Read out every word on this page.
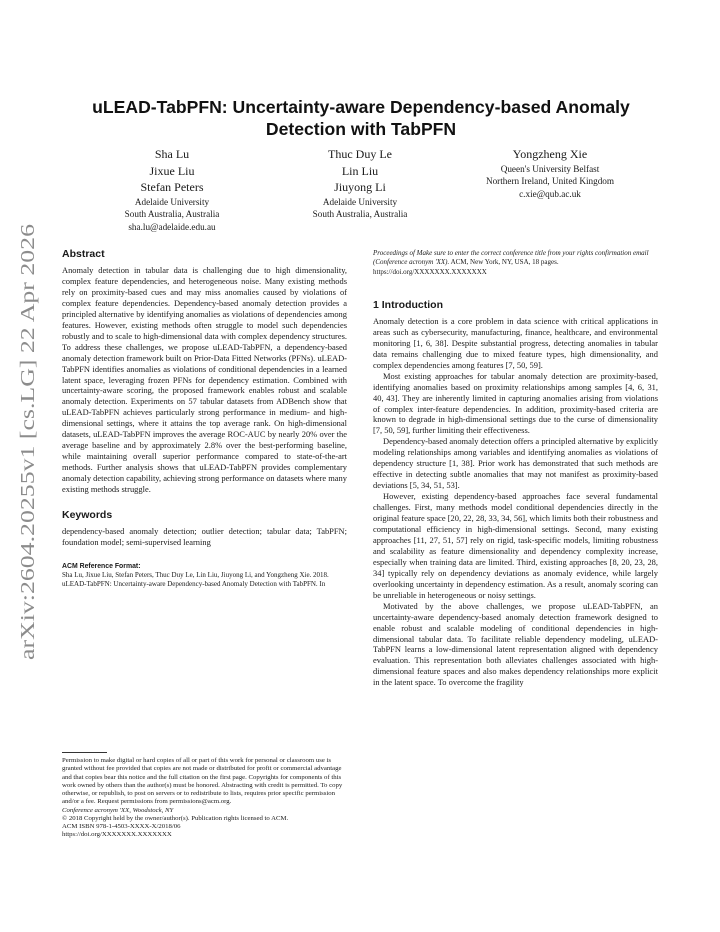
arXiv:2604.20255v1 [cs.LG] 22 Apr 2026
uLEAD-TabPFN: Uncertainty-aware Dependency-based Anomaly
Detection with TabPFN
Sha Lu
Jixue Liu
Stefan Peters
Adelaide University
South Australia, Australia
sha.lu@adelaide.edu.au
Thuc Duy Le
Lin Liu
Jiuyong Li
Adelaide University
South Australia, Australia
Yongzheng Xie
Queen's University Belfast
Northern Ireland, United Kingdom
c.xie@qub.ac.uk
Abstract

Anomaly detection in tabular data is challenging due to high dimensionality, complex feature dependencies, and heterogeneous noise. Many existing methods rely on proximity-based cues and may miss anomalies caused by violations of complex feature dependencies. Dependency-based anomaly detection provides a principled alternative by identifying anomalies as violations of dependencies among features. However, existing methods often struggle to model such dependencies robustly and to scale to high-dimensional data with complex dependency structures. To address these challenges, we propose uLEAD-TabPFN, a dependency-based anomaly detection framework built on Prior-Data Fitted Networks (PFNs). uLEAD-TabPFN identifies anomalies as violations of conditional dependencies in a learned latent space, leveraging frozen PFNs for dependency estimation. Combined with uncertainty-aware scoring, the proposed framework enables robust and scalable anomaly detection. Experiments on 57 tabular datasets from ADBench show that uLEAD-TabPFN achieves particularly strong performance in medium- and high-dimensional settings, where it attains the top average rank. On high-dimensional datasets, uLEAD-TabPFN improves the average ROC-AUC by nearly 20% over the average baseline and by approximately 2.8% over the best-performing baseline, while maintaining overall superior performance compared to state-of-the-art methods. Further analysis shows that uLEAD-TabPFN provides complementary anomaly detection capability, achieving strong performance on datasets where many existing methods struggle.

Keywords

dependency-based anomaly detection; outlier detection; tabular data; TabPFN; foundation model; semi-supervised learning

ACM Reference Format:

Sha Lu, Jixue Liu, Stefan Peters, Thuc Duy Le, Lin Liu, Jiuyong Li, and Yongzheng Xie. 2018. uLEAD-TabPFN: Uncertainty-aware Dependency-based Anomaly Detection with TabPFN. In

Permission to make digital or hard copies of all or part of this work for personal or classroom use is granted without fee provided that copies are not made or distributed for profit or commercial advantage and that copies bear this notice and the full citation on the first page. Copyrights for components of this work owned by others than the author(s) must be honored. Abstracting with credit is permitted. To copy otherwise, or republish, to post on servers or to redistribute to lists, requires prior specific permission and/or a fee. Request permissions from permissions@acm.org.

Conference acronym 'XX, Woodstock, NY

© 2018 Copyright held by the owner/author(s). Publication rights licensed to ACM.

ACM ISBN 978-1-4503-XXXX-X/2018/06

https://doi.org/XXXXXXX.XXXXXXX

Proceedings of Make sure to enter the correct conference title from your rights confirmation email (Conference acronym 'XX). ACM, New York, NY, USA, 18 pages. https://doi.org/XXXXXXX.XXXXXXX

1 Introduction

Anomaly detection is a core problem in data science with critical applications in areas such as cybersecurity, manufacturing, finance, healthcare, and environmental monitoring [1, 6, 38]. Despite substantial progress, detecting anomalies in tabular data remains challenging due to mixed feature types, high dimensionality, and complex dependencies among features [7, 50, 59].

Most existing approaches for tabular anomaly detection are proximity-based, identifying anomalies based on proximity relationships among samples [4, 6, 31, 40, 43]. They are inherently limited in capturing anomalies arising from violations of complex inter-feature dependencies. In addition, proximity-based criteria are known to degrade in high-dimensional settings due to the curse of dimensionality [7, 50, 59], further limiting their effectiveness.

Dependency-based anomaly detection offers a principled alternative by explicitly modeling relationships among variables and identifying anomalies as violations of dependency structure [1, 38]. Prior work has demonstrated that such methods are effective in detecting subtle anomalies that may not manifest as proximity-based deviations [5, 34, 51, 53].

However, existing dependency-based approaches face several fundamental challenges. First, many methods model conditional dependencies directly in the original feature space [20, 22, 28, 33, 34, 56], which limits both their robustness and computational efficiency in high-dimensional settings. Second, many existing approaches [11, 27, 51, 57] rely on rigid, task-specific models, limiting robustness and scalability as feature dimensionality and dependency complexity increase, especially when training data are limited. Third, existing approaches [8, 20, 23, 28, 34] typically rely on dependency deviations as anomaly evidence, while largely overlooking uncertainty in dependency estimation. As a result, anomaly scoring can be unreliable in heterogeneous or noisy settings.

Motivated by the above challenges, we propose uLEAD-TabPFN, an uncertainty-aware dependency-based anomaly detection framework designed to enable robust and scalable modeling of conditional dependencies in high-dimensional tabular data. To facilitate reliable dependency modeling, uLEAD-TabPFN learns a low-dimensional latent representation aligned with dependency evaluation. This representation both alleviates challenges associated with high-dimensional feature spaces and also makes dependency relationships more explicit in the latent space. To overcome the fragility
